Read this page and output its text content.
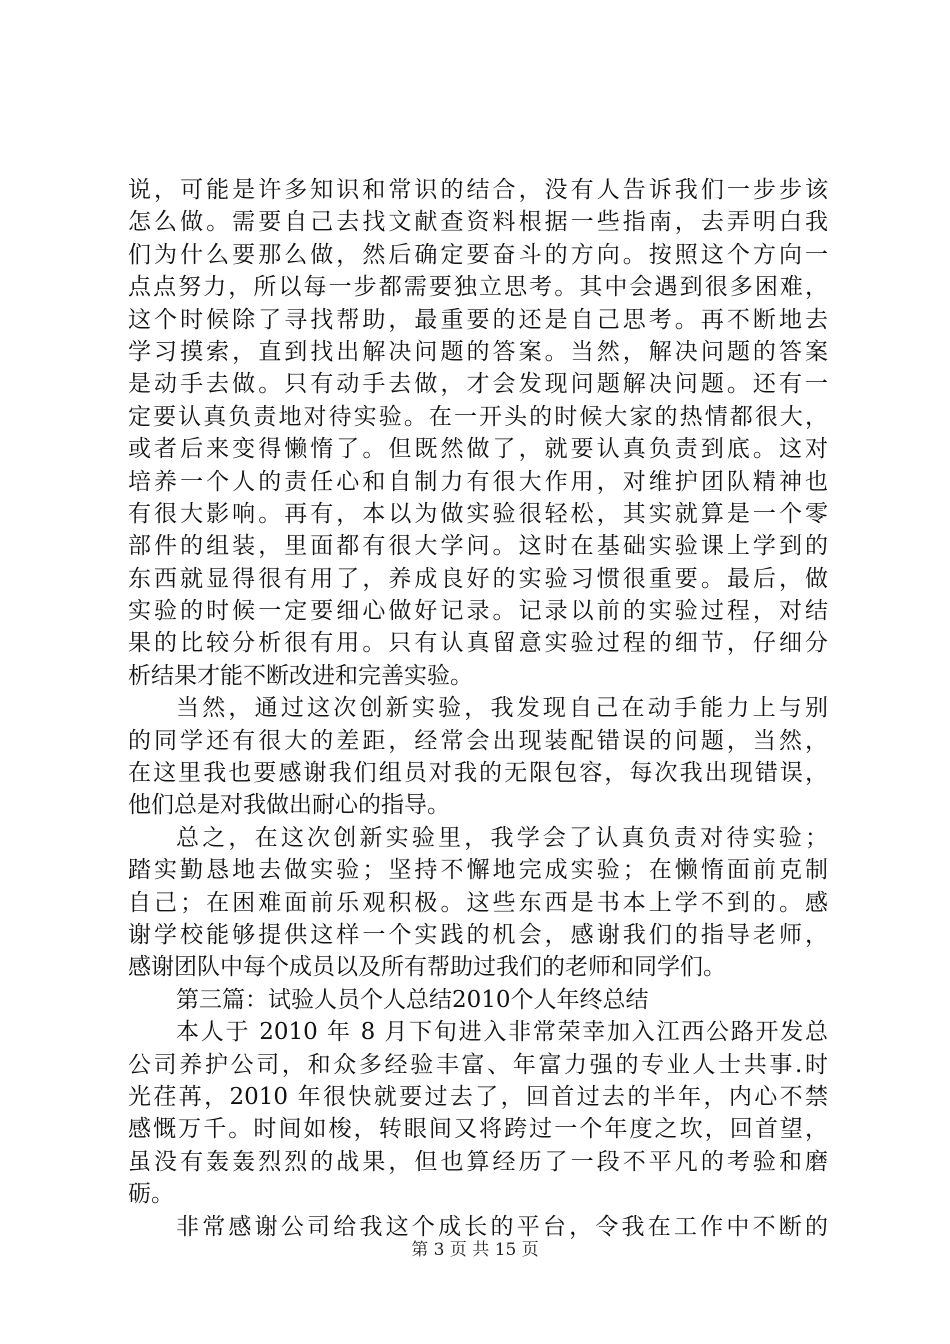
说，可能是许多知识和常识的结合，没有人告诉我们一步步该
怎么做。需要自己去找文献查资料根据一些指南，去弄明白我
们为什么要那么做，然后确定要奋斗的方向。按照这个方向一
点点努力，所以每一步都需要独立思考。其中会遇到很多困难，
这个时候除了寻找帮助，最重要的还是自己思考。再不断地去
学习摸索，直到找出解决问题的答案。当然，解决问题的答案
是动手去做。只有动手去做，才会发现问题解决问题。还有一
定要认真负责地对待实验。在一开头的时候大家的热情都很大，
或者后来变得懒惰了。但既然做了，就要认真负责到底。这对
培养一个人的责任心和自制力有很大作用，对维护团队精神也
有很大影响。再有，本以为做实验很轻松，其实就算是一个零
部件的组装，里面都有很大学问。这时在基础实验课上学到的
东西就显得很有用了，养成良好的实验习惯很重要。最后，做
实验的时候一定要细心做好记录。记录以前的实验过程，对结
果的比较分析很有用。只有认真留意实验过程的细节，仔细分
析结果才能不断改进和完善实验。
当然，通过这次创新实验，我发现自己在动手能力上与别
的同学还有很大的差距，经常会出现装配错误的问题，当然，
在这里我也要感谢我们组员对我的无限包容，每次我出现错误，
他们总是对我做出耐心的指导。
总之，在这次创新实验里，我学会了认真负责对待实验；
踏实勤恳地去做实验；坚持不懈地完成实验；在懒惰面前克制
自己；在困难面前乐观积极。这些东西是书本上学不到的。感
谢学校能够提供这样一个实践的机会，感谢我们的指导老师，
感谢团队中每个成员以及所有帮助过我们的老师和同学们。
第三篇：试验人员个人总结2010个人年终总结
本人于 2010 年 8 月下旬进入非常荣幸加入江西公路开发总
公司养护公司，和众多经验丰富、年富力强的专业人士共事.时
光荏苒，2010 年很快就要过去了，回首过去的半年，内心不禁
感慨万千。时间如梭，转眼间又将跨过一个年度之坎，回首望，
虽没有轰轰烈烈的战果，但也算经历了一段不平凡的考验和磨
砺。
非常感谢公司给我这个成长的平台，令我在工作中不断的
第 3 页 共 15 页
